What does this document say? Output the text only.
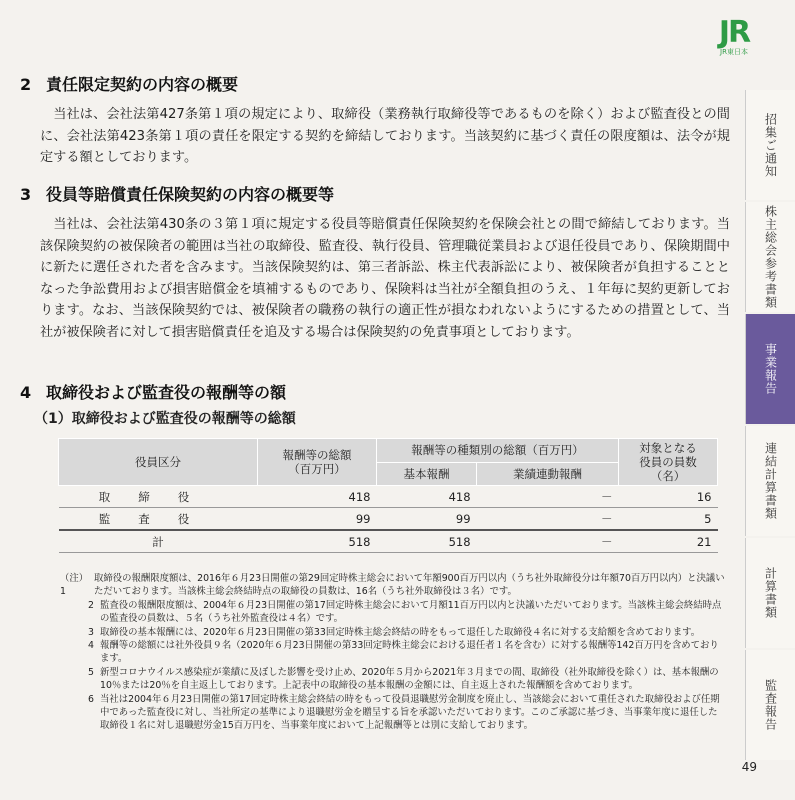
JR
JR東日本
2 責任限定契約の内容の概要

当社は、会社法第427条第１項の規定により、取締役（業務執行取締役等であるものを除く）および監査役との間に、会社法第423条第１項の責任を限定する契約を締結しております。当該契約に基づく責任の限度額は、法令が規定する額としております。

3 役員等賠償責任保険契約の内容の概要等

当社は、会社法第430条の３第１項に規定する役員等賠償責任保険契約を保険会社との間で締結しております。当該保険契約の被保険者の範囲は当社の取締役、監査役、執行役員、管理職従業員および退任役員であり、保険期間中に新たに選任された者を含みます。当該保険契約は、第三者訴訟、株主代表訴訟により、被保険者が負担することとなった争訟費用および損害賠償金を填補するものであり、保険料は当社が全額負担のうえ、１年毎に契約更新しております。なお、当該保険契約では、被保険者の職務の執行の適正性が損なわれないようにするための措置として、当社が被保険者に対して損害賠償責任を追及する場合は保険契約の免責事項としております。

4 取締役および監査役の報酬等の額
（1）取締役および監査役の報酬等の総額
役員区分	報酬等の総額
（百万円）	報酬等の種類別の総額（百万円）		対象となる
役員の員数
（名）
		基本報酬	業績連動報酬	
取締役	418	418	－	16
監査役	99	99	－	5
計	518	518	－	21
（注）1
取締役の報酬限度額は、2016年６月23日開催の第29回定時株主総会において年額900百万円以内（うち社外取締役分は年額70百万円以内）と決議いただいております。当該株主総会終結時点の取締役の員数は、16名（うち社外取締役は３名）です。
2 監査役の報酬限度額は、2004年６月23日開催の第17回定時株主総会において月額11百万円以内と決議いただいております。当該株主総会終結時点の監査役の員数は、５名（うち社外監査役は４名）です。
3 取締役の基本報酬には、2020年６月23日開催の第33回定時株主総会終結の時をもって退任した取締役４名に対する支給額を含めております。
4 報酬等の総額には社外役員９名（2020年６月23日開催の第33回定時株主総会における退任者１名を含む）に対する報酬等142百万円を含めております。
5 新型コロナウイルス感染症が業績に及ぼした影響を受け止め、2020年５月から2021年３月までの間、取締役（社外取締役を除く）は、基本報酬の10％または20％を自主返上しております。上記表中の取締役の基本報酬の金額には、自主返上された報酬額を含めております。
6 当社は2004年６月23日開催の第17回定時株主総会終結の時をもって役員退職慰労金制度を廃止し、当該総会において重任された取締役および任期中であった監査役に対し、当社所定の基準により退職慰労金を贈呈する旨を承認いただいております。このご承認に基づき、当事業年度に退任した取締役１名に対し退職慰労金15百万円を、当事業年度において上記報酬等とは別に支給しております。
招集ご通知
株主総会参考書類
事業報告
連結計算書類
計算書類
監査報告
49
